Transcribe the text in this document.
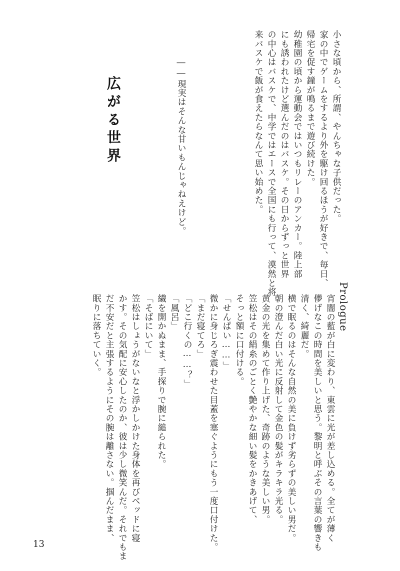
小さな頃から、所謂、やんちゃな子供だった。
家の中でゲームをするより外を駆け回るほうが好きで、毎日、
帰宅を促す鐘が鳴るまで遊び続けた。
幼稚園の頃から運動会ではいつもリレーのアンカー。陸上部
にも誘われたけど選んだのはバスケ。その日からずっと世界
の中心はバスケで、中学ではエースで全国にも行って、漠然と将
来バスケで飯が食えたらなんて思い始めた。
――現実はそんな甘いもんじゃねえけど。
広がる世界
Prologue
宵闇の藍が白に変わり、東雲に光が差し込める。全てが薄く
儚げなこの時間を美しいと思う。黎明と呼ぶその言葉の響きも
清く、綺麗だ。
横で眠るのはそんな自然の美に負けず劣らずの美しい男だ。
朝の澄んだ白い光に反射して金色の髪がキラキラ光る。
黄金の光を集めて作り上げた、奇跡のような美しい男。
笠松はその絹糸のごとく艶やかな細い髪をかきあげて、
そっと額に口付ける。
「せんぱい……」
微かに身じろぎ震わせた目蓋を塞ぐようにもう一度口付けた。
「まだ寝てろ」
「どこ行くの……？」
「風呂」
繊を開かぬまま、手探りで腕に縋られた。
「そばにいて」
笠松はしょうがないなと浮かしかけた身体を再びベッドに寝
かす。その気配に安心したのか、彼は少し微笑んだ。それでもま
だ不安だと主張するようにその腕は離さない。掴んだまま、
眠りに落ちていく。
13
